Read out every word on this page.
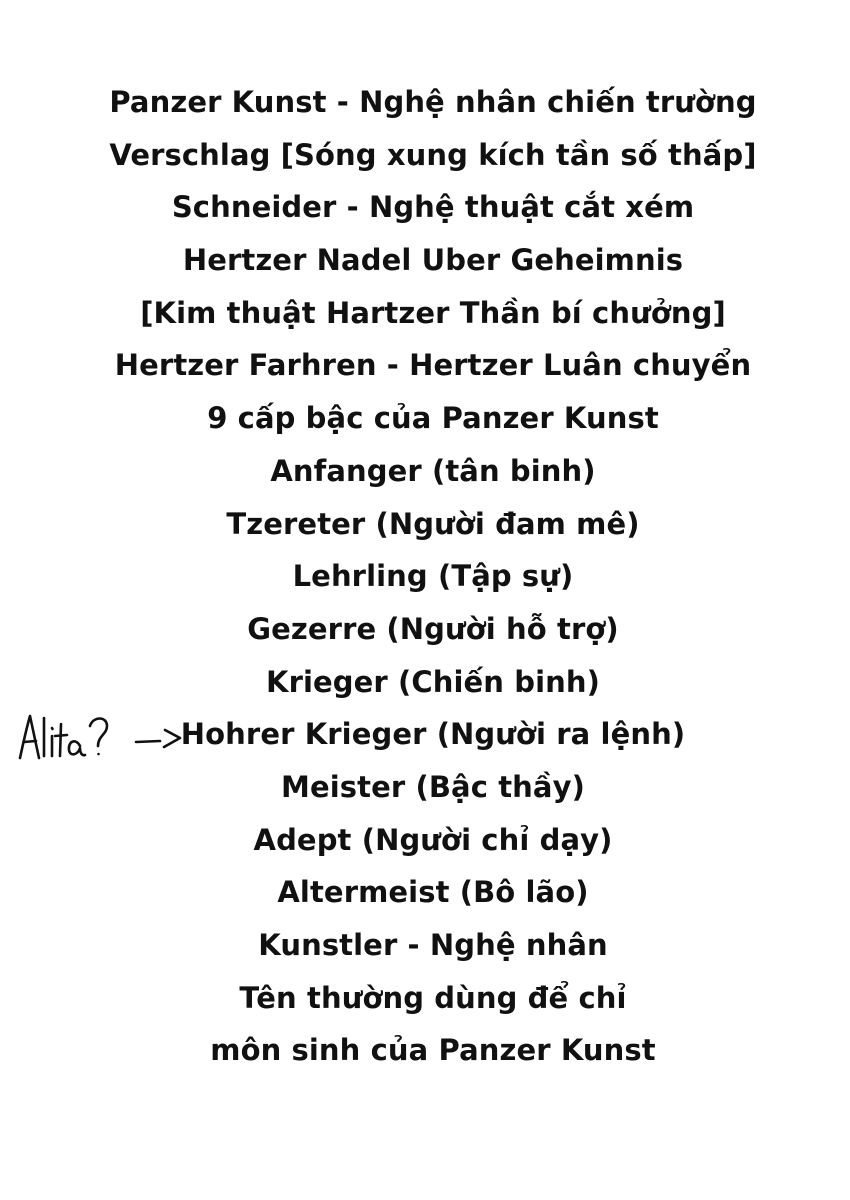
Panzer Kunst - Nghệ nhân chiến trường
Verschlag [Sóng xung kích tần số thấp]
Schneider - Nghệ thuật cắt xém
Hertzer Nadel Uber Geheimnis
[Kim thuật Hartzer Thần bí chưởng]
Hertzer Farhren - Hertzer Luân chuyển
9 cấp bậc của Panzer Kunst
Anfanger (tân binh)
Tzereter (Người đam mê)
Lehrling (Tập sự)
Gezerre (Người hỗ trợ)
Krieger (Chiến binh)
Hohrer Krieger (Người ra lệnh)
Meister (Bậc thầy)
Adept (Người chỉ dạy)
Altermeist (Bô lão)
Kunstler - Nghệ nhân
Tên thường dùng để chỉ
môn sinh của Panzer Kunst
